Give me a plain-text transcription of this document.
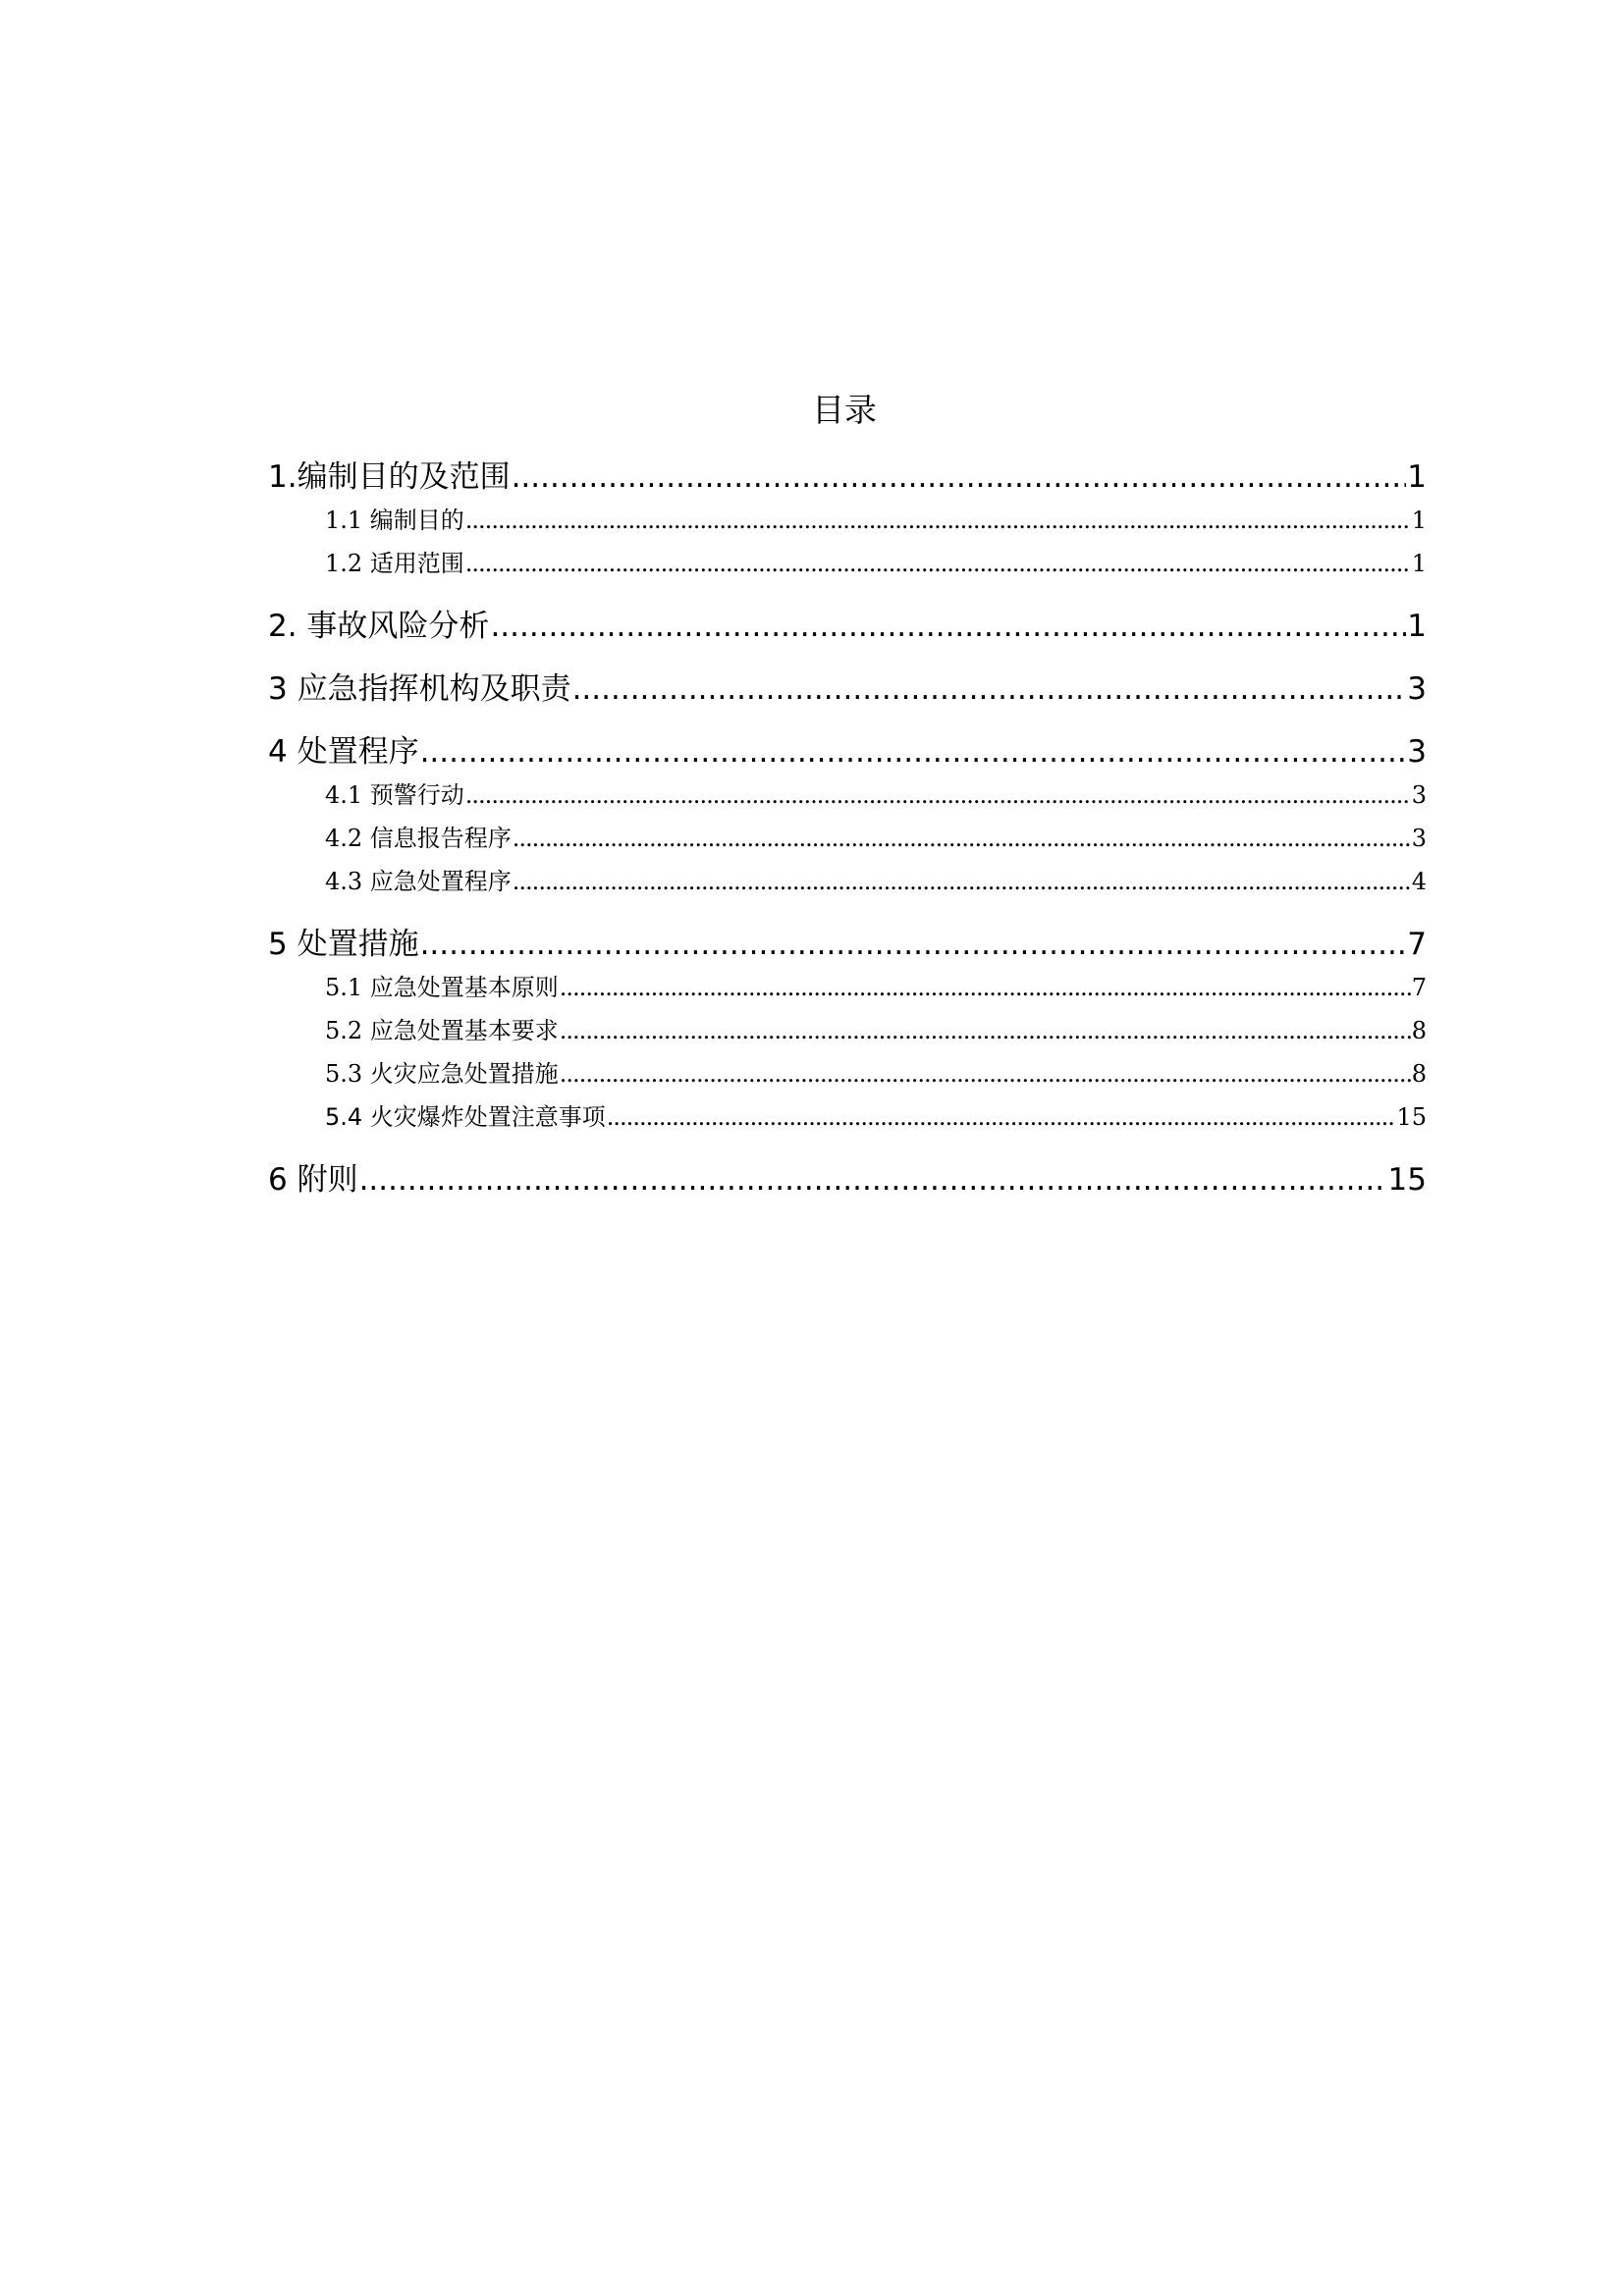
目录
1.编制目的及范围 .....	1
1.1 编制目的 .....	1
1.2 适用范围 .....	1
2. 事故风险分析 .....	1
3 应急指挥机构及职责 .....	3
4 处置程序 .....	3
4.1 预警行动 .....	3
4.2 信息报告程序 .....	3
4.3 应急处置程序 .....	4
5 处置措施 .....	7
5.1 应急处置基本原则 .....	7
5.2 应急处置基本要求 .....	8
5.3 火灾应急处置措施 .....	8
5.4 火灾爆炸处置注意事项 .....	15
6 附则 .....	15
